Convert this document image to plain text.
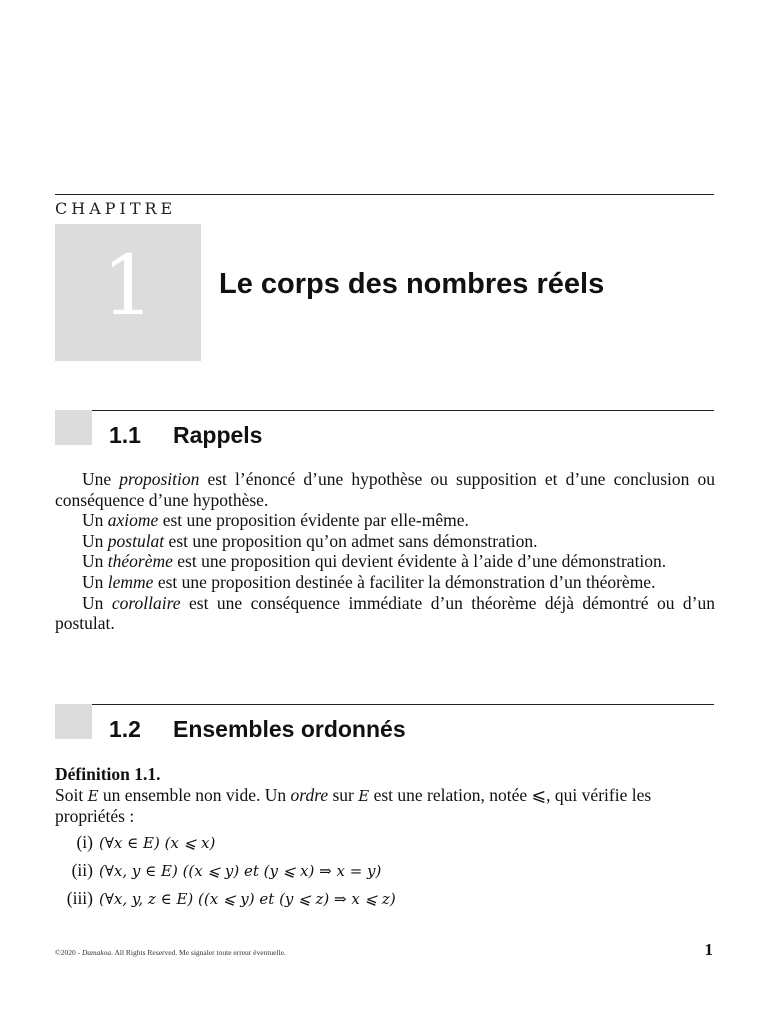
CHAPITRE
1	Le corps des nombres réels
1.1 Rappels

Une proposition est l’énoncé d’une hypothèse ou supposition et d’une conclusion ou conséquence d’une hypothèse.

Un axiome est une proposition évidente par elle-même.

Un postulat est une proposition qu’on admet sans démonstration.

Un théorème est une proposition qui devient évidente à l’aide d’une démonstration.

Un lemme est une proposition destinée à faciliter la démonstration d’un théorème.

Un corollaire est une conséquence immédiate d’un théorème déjà démontré ou d’un postulat.

1.2 Ensembles ordonnés
Définition 1.1.
Soit E un ensemble non vide. Un ordre sur E est une relation, notée ⩽, qui vérifie les propriétés :
(i) (∀x ∈ E) (x ⩽ x)
(ii) (∀x, y ∈ E) ((x ⩽ y) et (y ⩽ x) ⇒ x = y)
(iii) (∀x, y, z ∈ E) ((x ⩽ y) et (y ⩽ z) ⇒ x ⩽ z)
©2020 - Damakoa. All Rights Reserved. Me signaler toute erreur éventuelle.	1
